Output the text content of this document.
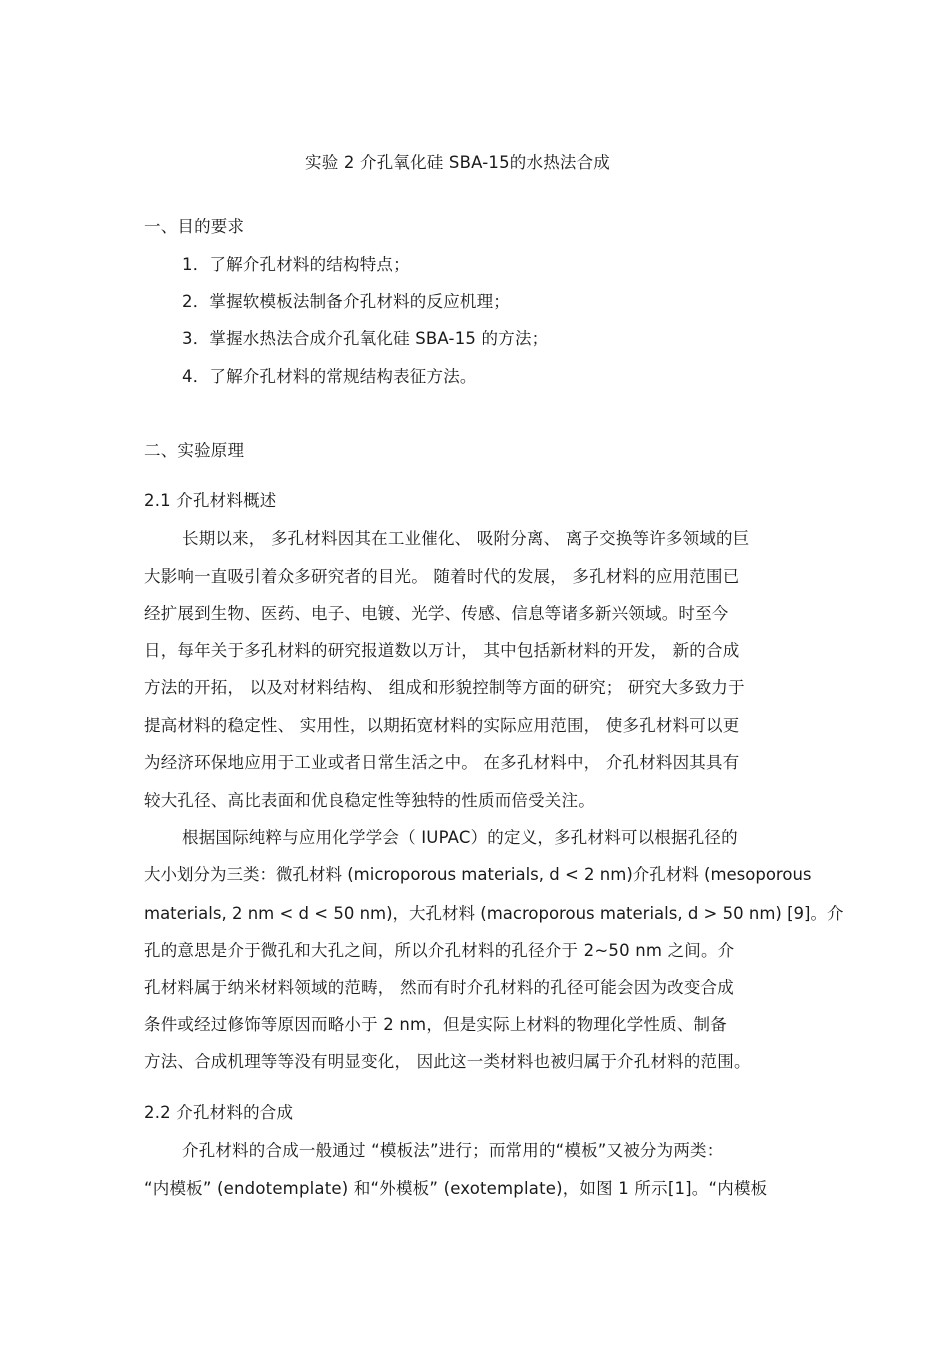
实验 2 介孔氧化硅 SBA-15的水热法合成
一、目的要求
1．了解介孔材料的结构特点；
2．掌握软模板法制备介孔材料的反应机理；
3．掌握水热法合成介孔氧化硅 SBA-15 的方法；
4．了解介孔材料的常规结构表征方法。
二、实验原理
2.1 介孔材料概述
长期以来， 多孔材料因其在工业催化、 吸附分离、 离子交换等许多领域的巨
大影响一直吸引着众多研究者的目光。 随着时代的发展， 多孔材料的应用范围已
经扩展到生物、医药、电子、电镀、光学、传感、信息等诸多新兴领域。时至今
日，每年关于多孔材料的研究报道数以万计， 其中包括新材料的开发， 新的合成
方法的开拓， 以及对材料结构、 组成和形貌控制等方面的研究； 研究大多致力于
提高材料的稳定性、 实用性，以期拓宽材料的实际应用范围， 使多孔材料可以更
为经济环保地应用于工业或者日常生活之中。 在多孔材料中， 介孔材料因其具有
较大孔径、高比表面和优良稳定性等独特的性质而倍受关注。
根据国际纯粹与应用化学学会（ IUPAC）的定义，多孔材料可以根据孔径的
大小划分为三类：微孔材料 (microporous materials, d < 2 nm)介孔材料 (mesoporous
materials, 2 nm < d < 50 nm)，大孔材料 (macroporous materials, d > 50 nm) [9]。介
孔的意思是介于微孔和大孔之间，所以介孔材料的孔径介于 2~50 nm 之间。介
孔材料属于纳米材料领域的范畴， 然而有时介孔材料的孔径可能会因为改变合成
条件或经过修饰等原因而略小于 2 nm，但是实际上材料的物理化学性质、制备
方法、合成机理等等没有明显变化， 因此这一类材料也被归属于介孔材料的范围。
2.2 介孔材料的合成
介孔材料的合成一般通过 “模板法”进行；而常用的“模板”又被分为两类：
“内模板” (endotemplate) 和“外模板” (exotemplate)，如图 1 所示[1]。“内模板
